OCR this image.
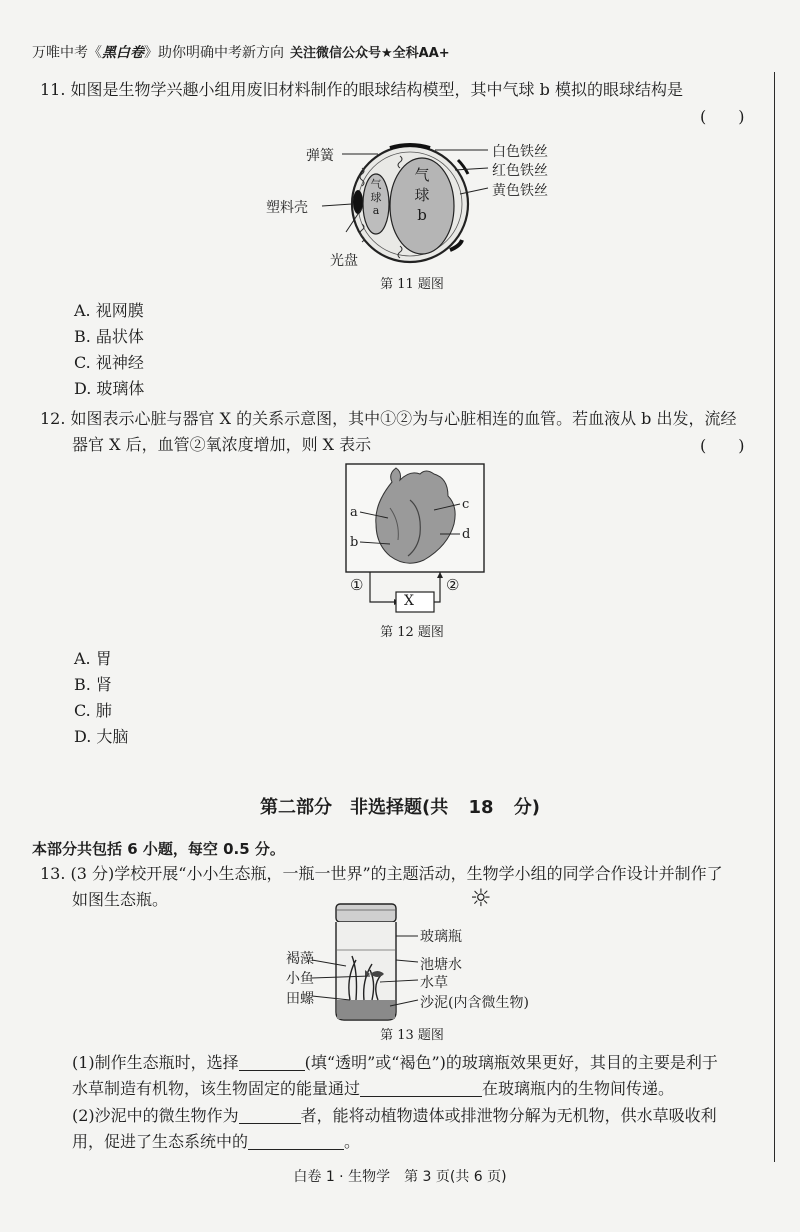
万唯中考《黑白卷》助你明确中考新方向 关注微信公众号★全科AA+
11. 如图是生物学兴趣小组用废旧材料制作的眼球结构模型，其中气球 b 模拟的眼球结构是
(　　)
弹簧
塑料壳
光盘
白色铁丝
红色铁丝
黄色铁丝
气
球
a
气
球
b
第 11 题图
A. 视网膜
B. 晶状体
C. 视神经
D. 玻璃体
12. 如图表示心脏与器官 X 的关系示意图，其中①②为与心脏相连的血管。若血液从 b 出发，流经
器官 X 后，血管②氧浓度增加，则 X 表示	(　　)
a
b
c
d
①	②
X
第 12 题图
A. 胃
B. 肾
C. 肺
D. 大脑
第二部分　非选择题(共 18 分)
本部分共包括 6 小题，每空 0.5 分。
13. (3 分)学校开展“小小生态瓶，一瓶一世界”的主题活动，生物学小组的同学合作设计并制作了
如图生态瓶。	☼
玻璃瓶
褐藻
小鱼
田螺
池塘水
水草
沙泥(内含微生物)
第 13 题图
(1)制作生态瓶时，选择	(填“透明”或“褐色”)的玻璃瓶效果更好，其目的主要是利于
水草制造有机物，该生物固定的能量通过	在玻璃瓶内的生物间传递。
(2)沙泥中的微生物作为	者，能将动植物遗体或排泄物分解为无机物，供水草吸收利
用，促进了生态系统中的	。
白卷 1 · 生物学　第 3 页(共 6 页)
